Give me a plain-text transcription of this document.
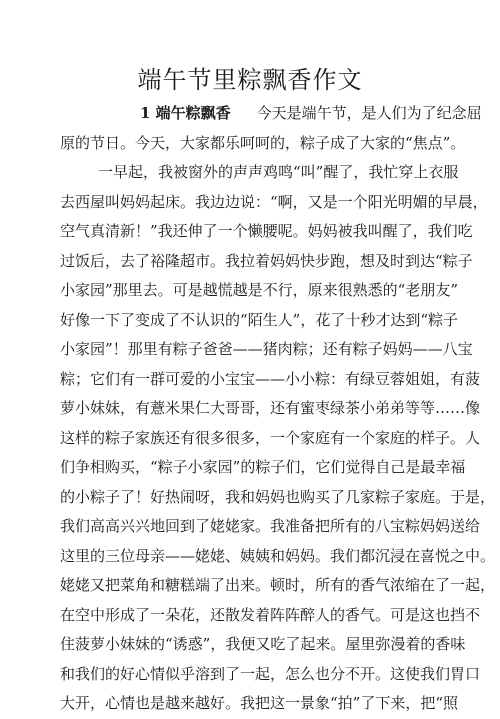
端午节里粽飘香作文
1 端午粽飘香 今天是端午节，是人们为了纪念屈
原的节日。今天，大家都乐呵呵的，粽子成了大家的“焦点”。
一早起，我被窗外的声声鸡鸣“叫”醒了，我忙穿上衣服
去西屋叫妈妈起床。我边边说：“啊，又是一个阳光明媚的早晨，
空气真清新！”我还伸了一个懒腰呢。妈妈被我叫醒了，我们吃
过饭后，去了裕隆超市。我拉着妈妈快步跑，想及时到达“粽子
小家园”那里去。可是越慌越是不行，原来很熟悉的“老朋友”
好像一下了变成了不认识的“陌生人”，花了十秒才达到“粽子
小家园”！那里有粽子爸爸——猪肉粽；还有粽子妈妈——八宝
粽；它们有一群可爱的小宝宝——小小粽：有绿豆蓉姐姐，有菠
萝小妹妹，有薏米果仁大哥哥，还有蜜枣绿茶小弟弟等等……像
这样的粽子家族还有很多很多，一个家庭有一个家庭的样子。人
们争相购买，“粽子小家园”的粽子们，它们觉得自己是最幸福
的小粽子了！好热闹呀，我和妈妈也购买了几家粽子家庭。于是，
我们高高兴兴地回到了姥姥家。我准备把所有的八宝粽妈妈送给
这里的三位母亲——姥姥、姨姨和妈妈。我们都沉浸在喜悦之中。
姥姥又把菜角和糖糕端了出来。顿时，所有的香气浓缩在了一起，
在空中形成了一朵花，还散发着阵阵醉人的香气。可是这也挡不
住菠萝小妹妹的“诱惑”，我便又吃了起来。屋里弥漫着的香味
和我们的好心情似乎溶到了一起，怎么也分不开。这使我们胃口
大开，心情也是越来越好。我把这一景象“拍”了下来，把“照
